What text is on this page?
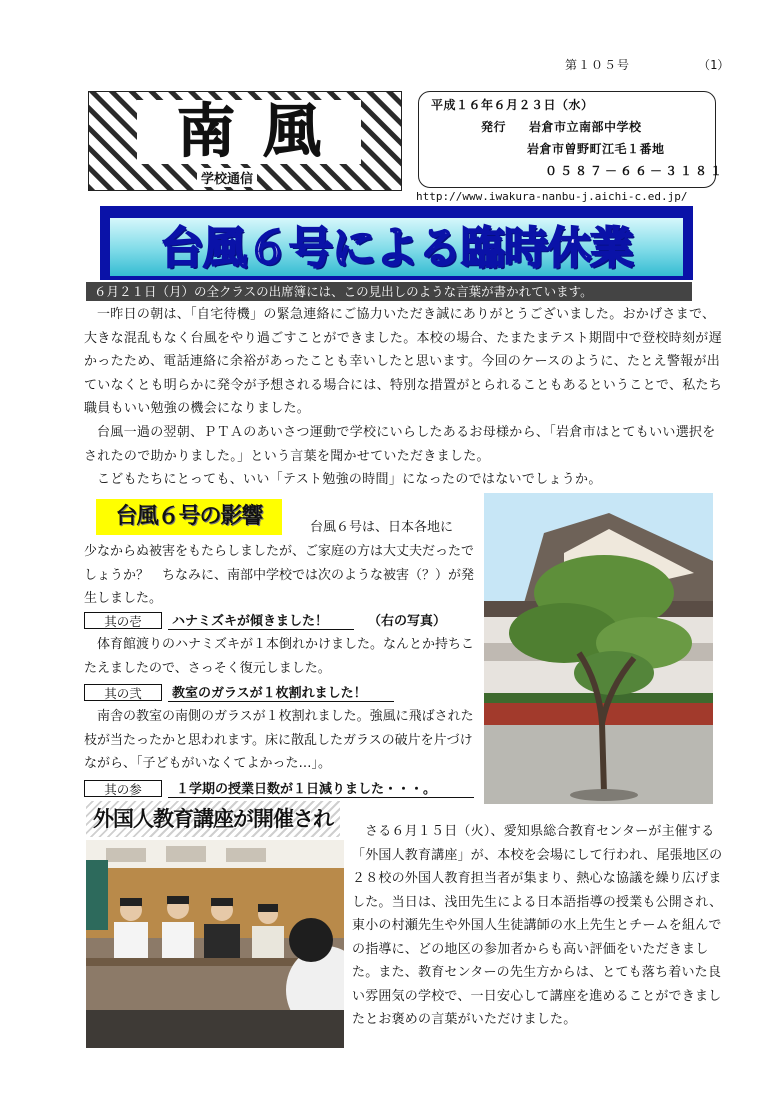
第１０５号	（1）
南風
学校通信
平成１６年６月２３日（水）
発行 岩倉市立南部中学校
岩倉市曽野町江毛１番地
０５８７－６６－３１８１
http://www.iwakura-nanbu-j.aichi-c.ed.jp/
台風６号による臨時休業
６月２１日（月）の全クラスの出席簿には、この見出しのような言葉が書かれています。
一昨日の朝は、「自宅待機」の緊急連絡にご協力いただき誠にありがとうございました。おかげさまで、大きな混乱もなく台風をやり過ごすことができました。本校の場合、たまたまテスト期間中で登校時刻が遅かったため、電話連絡に余裕があったことも幸いしたと思います。今回のケースのように、たとえ警報が出ていなくとも明らかに発令が予想される場合には、特別な措置がとられることもあるということで、私たち職員もいい勉強の機会になりました。
台風一過の翌朝、ＰＴＡのあいさつ運動で学校にいらしたあるお母様から、「岩倉市はとてもいい選択をされたので助かりました。」という言葉を聞かせていただきました。
こどもたちにとっても、いい「テスト勉強の時間」になったのではないでしょうか。
台風６号の影響	台風６号は、日本各地に
少なからぬ被害をもたらしましたが、ご家庭の方は大丈夫だったでしょうか？　ちなみに、南部中学校では次のような被害（？）が発生しました。
其の壱	ハナミズキが傾きました！	（右の写真）
体育館渡りのハナミズキが１本倒れかけました。なんとか持ちこたえましたので、さっそく復元しました。
其の弐	教室のガラスが１枚割れました！
南舎の教室の南側のガラスが１枚割れました。強風に飛ばされた枝が当たったかと思われます。床に散乱したガラスの破片を片づけながら、「子どもがいなくてよかった…」。
其の参	１学期の授業日数が１日減りました・・・。
外国人教育講座が開催され
さる６月１５日（火）、愛知県総合教育センターが主催する「外国人教育講座」が、本校を会場にして行われ、尾張地区の２８校の外国人教育担当者が集まり、熱心な協議を繰り広げました。当日は、浅田先生による日本語指導の授業も公開され、東小の村瀬先生や外国人生徒講師の水上先生とチームを組んでの指導に、どの地区の参加者からも高い評価をいただきました。また、教育センターの先生方からは、とても落ち着いた良い雰囲気の学校で、一日安心して講座を進めることができましたとお褒めの言葉がいただけました。
